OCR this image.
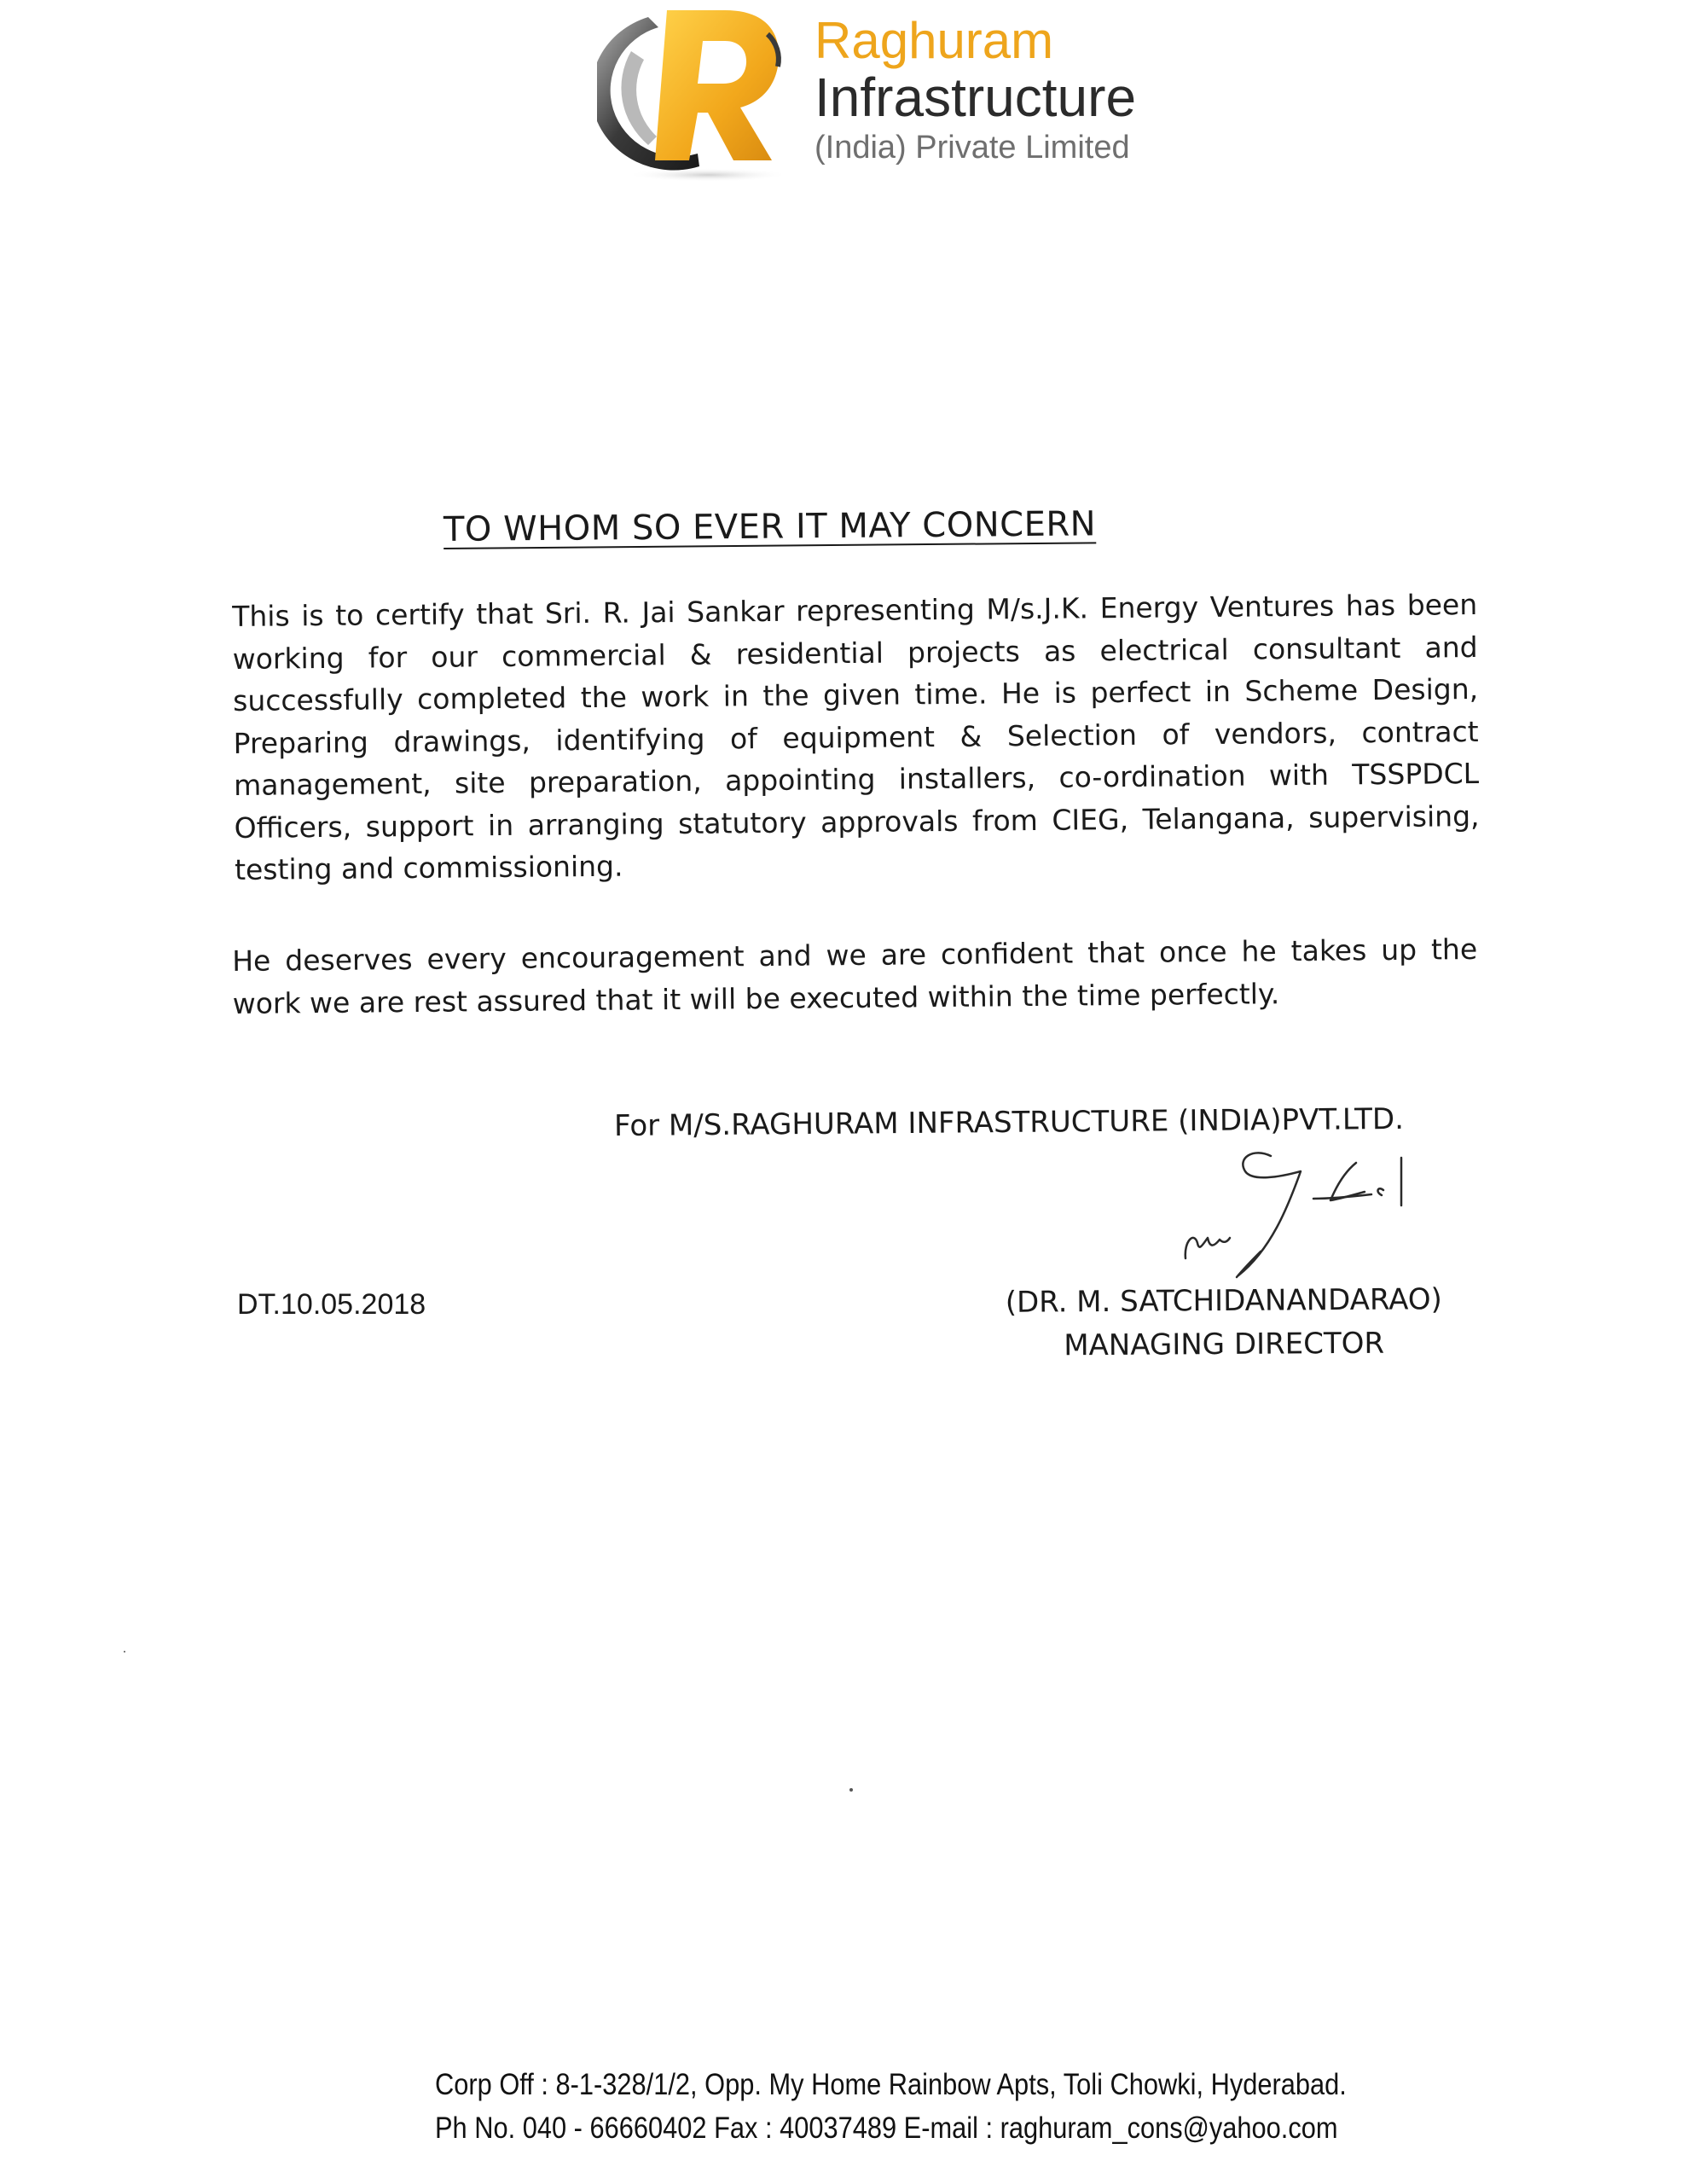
Raghuram
Infrastructure
(India) Private Limited
TO WHOM SO EVER IT MAY CONCERN
This is to certify that Sri. R. Jai Sankar representing M/s.J.K. Energy Ventures has been working for our commercial & residential projects as electrical consultant and successfully completed the work in the given time. He is perfect in Scheme Design, Preparing drawings, identifying of equipment & Selection of vendors, contract management, site preparation, appointing installers, co-ordination with TSSPDCL Officers, support in arranging statutory approvals from CIEG, Telangana, supervising, testing and commissioning.
He deserves every encouragement and we are confident that once he takes up the work we are rest assured that it will be executed within the time perfectly.
For M/S.RAGHURAM INFRASTRUCTURE (INDIA)PVT.LTD.
DT.10.05.2018	(DR. M. SATCHIDANANDARAO)
MANAGING DIRECTOR
Corp Off : 8-1-328/1/2, Opp. My Home Rainbow Apts, Toli Chowki, Hyderabad.
Ph No. 040 - 66660402 Fax : 40037489 E-mail : raghuram_cons@yahoo.com
